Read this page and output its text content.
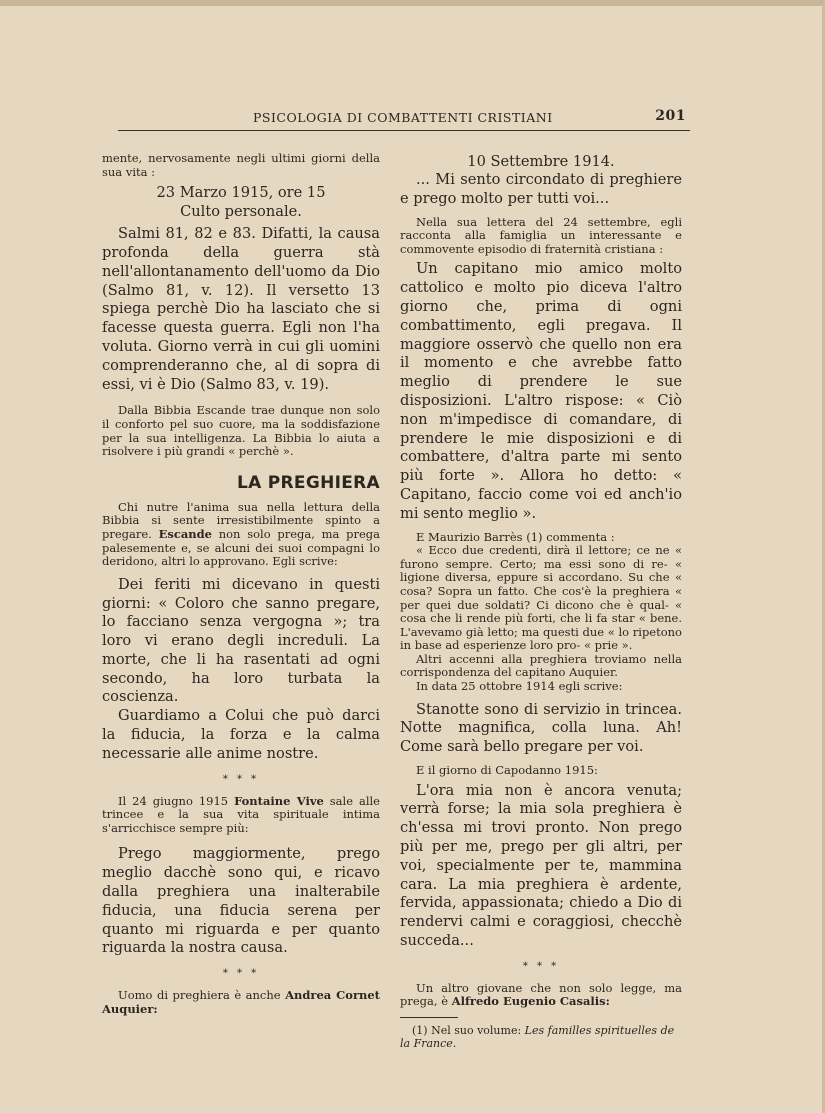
PSICOLOGIA DI COMBATTENTI CRISTIANI	201

mente, nervosamente negli ultimi giorni della sua vita :

23 Marzo 1915, ore 15

Culto personale.

Salmi 81, 82 e 83. Difatti, la causa profonda della guerra stà nell'allontanamento dell'uomo da Dio (Salmo 81, v. 12). Il versetto 13 spiega perchè Dio ha lasciato che si facesse questa guerra. Egli non l'ha voluta. Giorno verrà in cui gli uomini comprenderanno che, al di sopra di essi, vi è Dio (Salmo 83, v. 19).

Dalla Bibbia Escande trae dunque non solo il conforto pel suo cuore, ma la soddisfazione per la sua intelligenza. La Bibbia lo aiuta a risolvere i più grandi « perchè ».

LA PREGHIERA

Chi nutre l'anima sua nella lettura della Bibbia si sente irresistibilmente spinto a pregare. Escande non solo prega, ma prega palesemente e, se alcuni dei suoi compagni lo deridono, altri lo approvano. Egli scrive:

Dei feriti mi dicevano in questi giorni: « Coloro che sanno pregare, lo facciano senza vergogna »; tra loro vi erano degli increduli. La morte, che li ha rasentati ad ogni secondo, ha loro turbata la coscienza.

Guardiamo a Colui che può darci la fiducia, la forza e la calma necessarie alle anime nostre.

* * *

Il 24 giugno 1915 Fontaine Vive sale alle trincee e la sua vita spirituale intima s'arricchisce sempre più:

Prego maggiormente, prego meglio dacchè sono qui, e ricavo dalla preghiera una inalterabile fiducia, una fiducia serena per quanto mi riguarda e per quanto riguarda la nostra causa.

* * *

Uomo di preghiera è anche Andrea Cornet Auquier:

10 Settembre 1914.

... Mi sento circondato di preghiere e prego molto per tutti voi...

Nella sua lettera del 24 settembre, egli racconta alla famiglia un interessante e commovente episodio di fraternità cristiana :

Un capitano mio amico molto cattolico e molto pio diceva l'altro giorno che, prima di ogni combattimento, egli pregava. Il maggiore osservò che quello non era il momento e che avrebbe fatto meglio di prendere le sue disposizioni. L'altro rispose: « Ciò non m'impedisce di comandare, di prendere le mie disposizioni e di combattere, d'altra parte mi sento più forte ». Allora ho detto: « Capitano, faccio come voi ed anch'io mi sento meglio ».

E Maurizio Barrès (1) commenta :

« Ecco due credenti, dirà il lettore; ce ne « furono sempre. Certo; ma essi sono di re- « ligione diversa, eppure si accordano. Su che « cosa? Sopra un fatto. Che cos'è la preghiera « per quei due soldati? Ci dicono che è qual- « cosa che li rende più forti, che li fa star « bene. L'avevamo già letto; ma questi due « lo ripetono in base ad esperienze loro pro- « prie ».

Altri accenni alla preghiera troviamo nella corrispondenza del capitano Auquier.

In data 25 ottobre 1914 egli scrive:

Stanotte sono di servizio in trincea. Notte magnifica, colla luna. Ah! Come sarà bello pregare per voi.

E il giorno di Capodanno 1915:

L'ora mia non è ancora venuta; verrà forse; la mia sola preghiera è ch'essa mi trovi pronto. Non prego più per me, prego per gli altri, per voi, specialmente per te, mammina cara. La mia preghiera è ardente, fervida, appassionata; chiedo a Dio di rendervi calmi e coraggiosi, checchè succeda...

* * *

Un altro giovane che non solo legge, ma prega, è Alfredo Eugenio Casalis:

(1) Nel suo volume: Les familles spirituelles de la France.
